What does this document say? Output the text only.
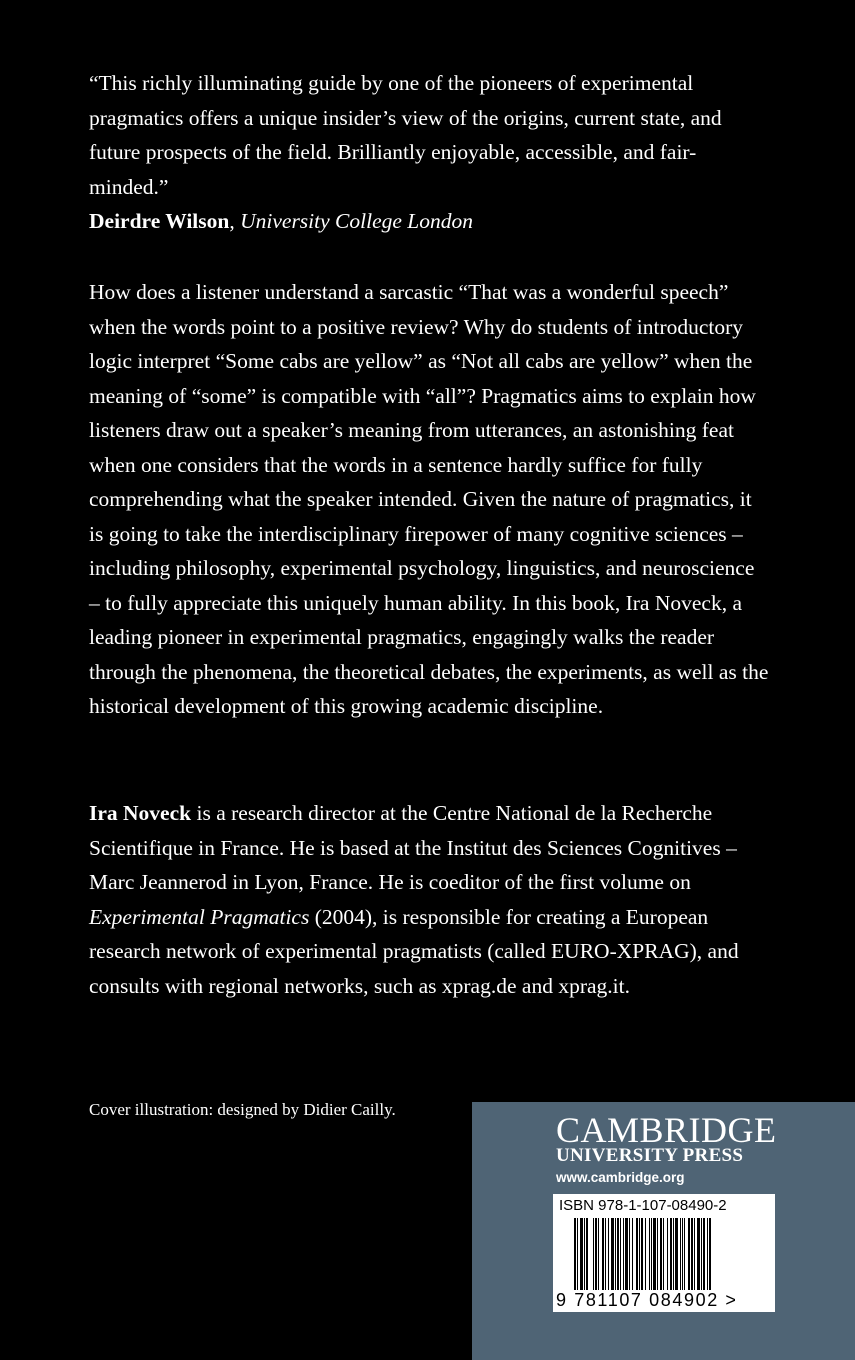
“This richly illuminating guide by one of the pioneers of experimental pragmatics offers a unique insider’s view of the origins, current state, and future prospects of the field. Brilliantly enjoyable, accessible, and fair-minded.”

Deirdre Wilson, University College London

How does a listener understand a sarcastic “That was a wonderful speech” when the words point to a positive review? Why do students of introductory logic interpret “Some cabs are yellow” as “Not all cabs are yellow” when the meaning of “some” is compatible with “all”? Pragmatics aims to explain how listeners draw out a speaker’s meaning from utterances, an astonishing feat when one considers that the words in a sentence hardly suffice for fully comprehending what the speaker intended. Given the nature of pragmatics, it is going to take the interdisciplinary firepower of many cognitive sciences – including philosophy, experimental psychology, linguistics, and neuroscience – to fully appreciate this uniquely human ability. In this book, Ira Noveck, a leading pioneer in experimental pragmatics, engagingly walks the reader through the phenomena, the theoretical debates, the experiments, as well as the historical development of this growing academic discipline.

Ira Noveck is a research director at the Centre National de la Recherche Scientifique in France. He is based at the Institut des Sciences Cognitives – Marc Jeannerod in Lyon, France. He is coeditor of the first volume on Experimental Pragmatics (2004), is responsible for creating a European research network of experimental pragmatists (called EURO-XPRAG), and consults with regional networks, such as xprag.de and xprag.it.

Cover illustration: designed by Didier Cailly.
CAMBRIDGE
UNIVERSITY PRESS
www.cambridge.org
ISBN 978-1-107-08490-2
9 781107 084902 >
